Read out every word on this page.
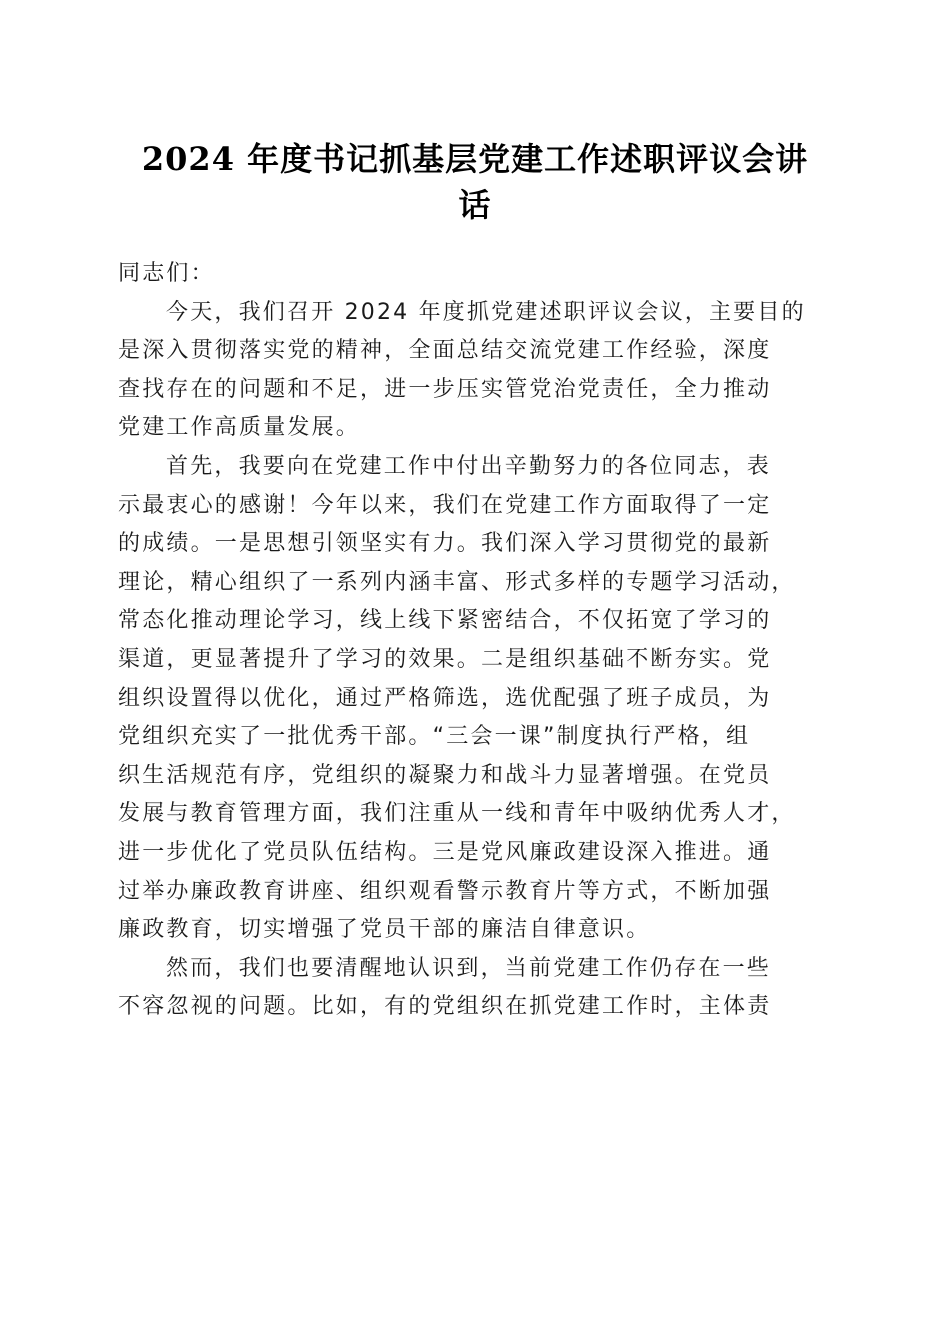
2024 年度书记抓基层党建工作述职评议会讲
话
同志们：
今天，我们召开 2024 年度抓党建述职评议会议，主要目的
是深入贯彻落实党的精神，全面总结交流党建工作经验，深度
查找存在的问题和不足，进一步压实管党治党责任，全力推动
党建工作高质量发展。
首先，我要向在党建工作中付出辛勤努力的各位同志，表
示最衷心的感谢！今年以来，我们在党建工作方面取得了一定
的成绩。一是思想引领坚实有力。我们深入学习贯彻党的最新
理论，精心组织了一系列内涵丰富、形式多样的专题学习活动，
常态化推动理论学习，线上线下紧密结合，不仅拓宽了学习的
渠道，更显著提升了学习的效果。二是组织基础不断夯实。党
组织设置得以优化，通过严格筛选，选优配强了班子成员，为
党组织充实了一批优秀干部。“三会一课”制度执行严格，组
织生活规范有序，党组织的凝聚力和战斗力显著增强。在党员
发展与教育管理方面，我们注重从一线和青年中吸纳优秀人才，
进一步优化了党员队伍结构。三是党风廉政建设深入推进。通
过举办廉政教育讲座、组织观看警示教育片等方式，不断加强
廉政教育，切实增强了党员干部的廉洁自律意识。
然而，我们也要清醒地认识到，当前党建工作仍存在一些
不容忽视的问题。比如，有的党组织在抓党建工作时，主体责
